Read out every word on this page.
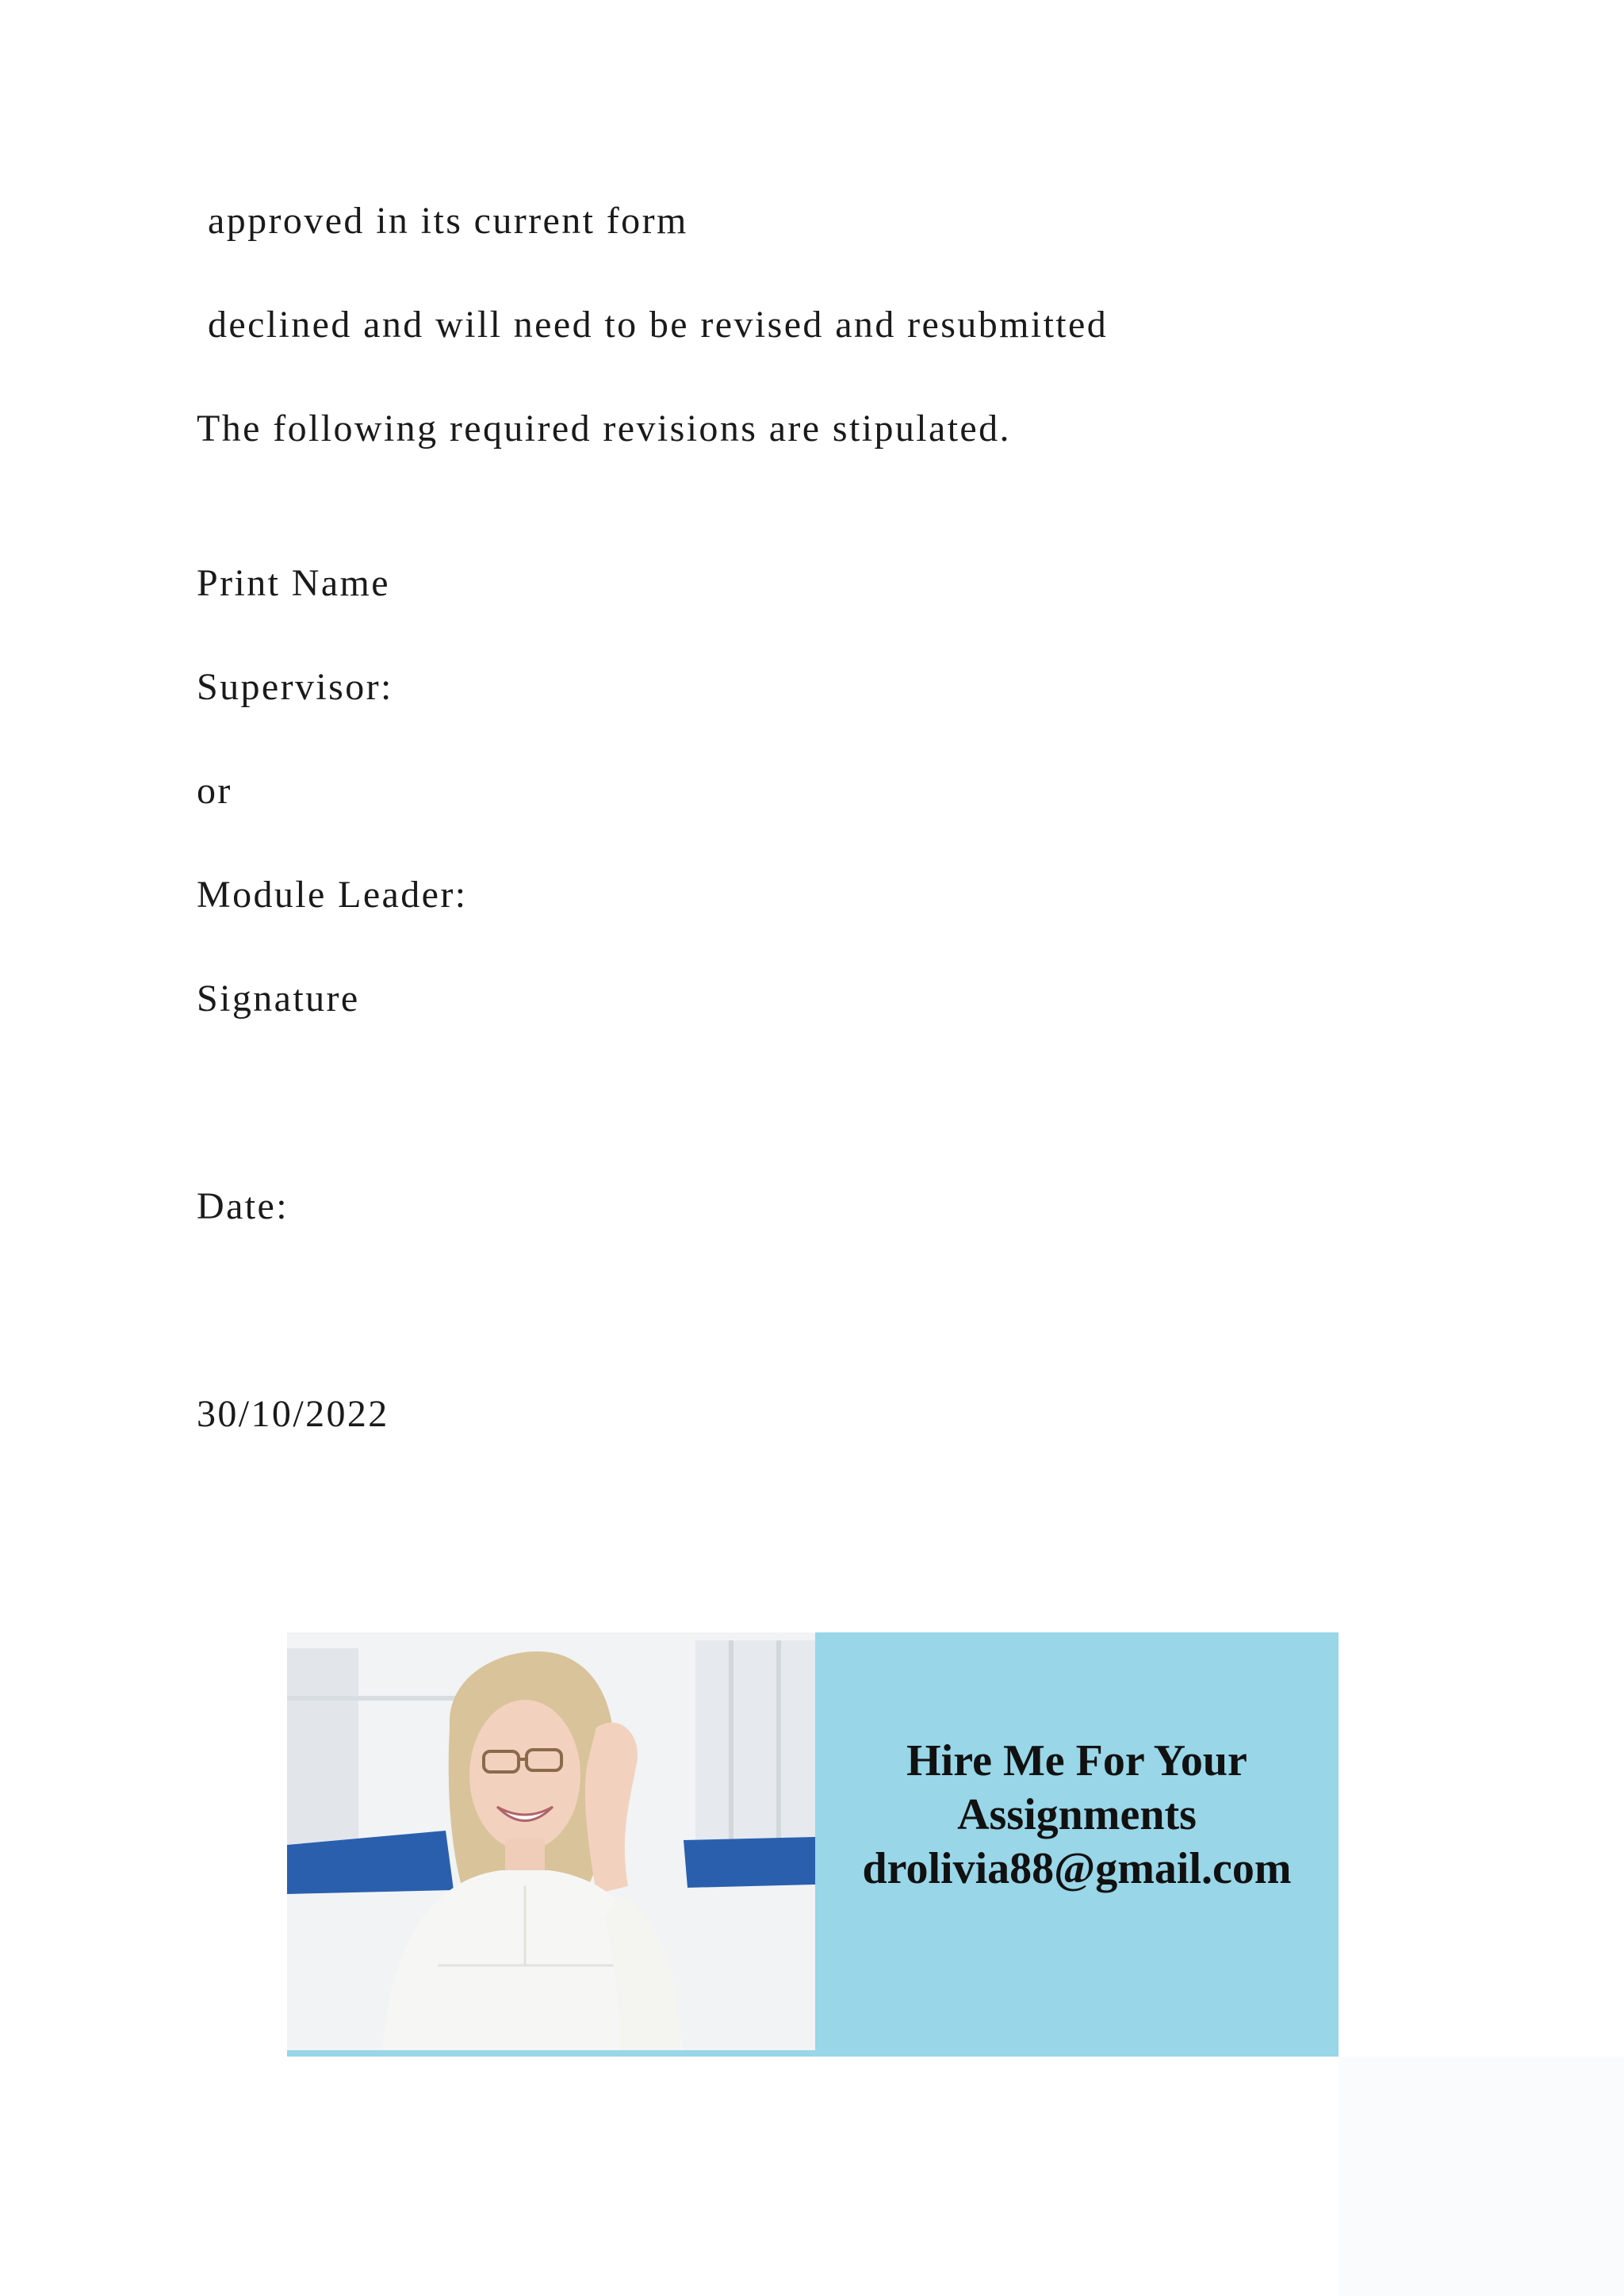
approved in its current form
declined and will need to be revised and resubmitted
The following required revisions are stipulated.
Print Name
Supervisor:
or
Module Leader:
Signature
Date:
30/10/2022
Hire Me For Your
Assignments
drolivia88@gmail.com
